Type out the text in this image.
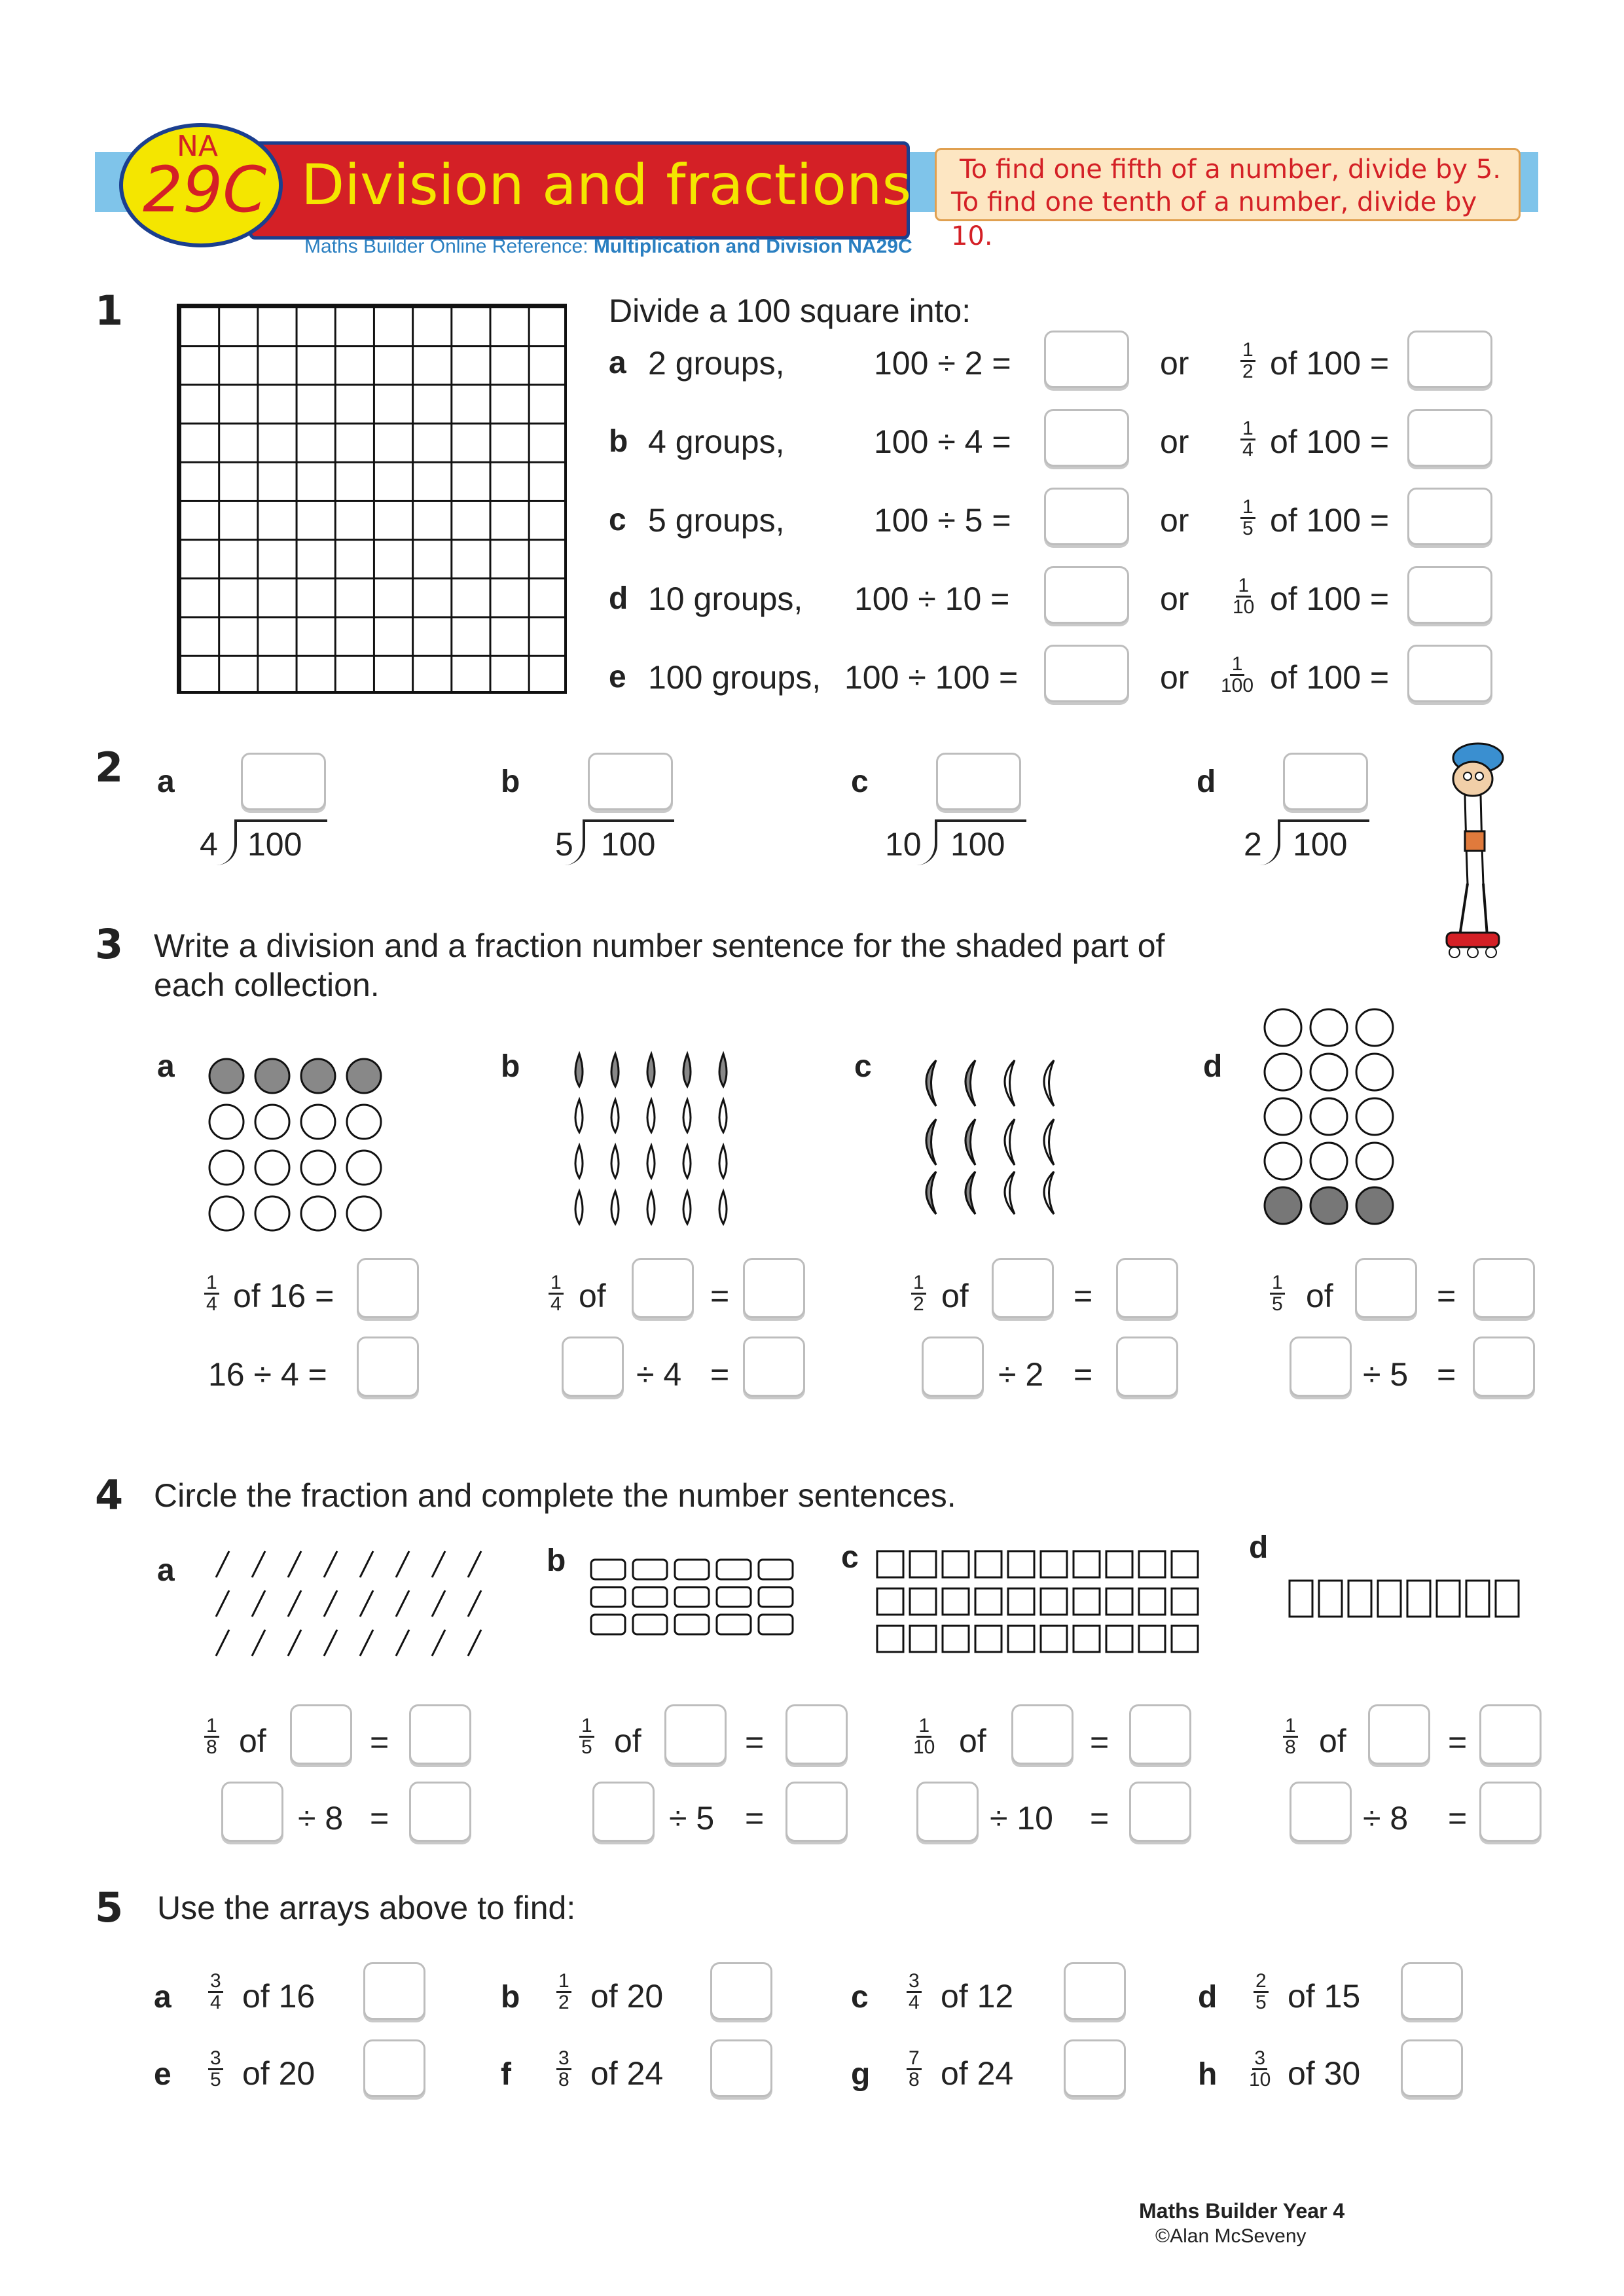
NA
29C Division and fractions To find one fifth of a number, divide by 5.
To find one tenth of a number, divide by 10.
Maths Builder Online Reference: Multiplication and Division NA29C
1	Divide a 100 square into:
a 2 groups,	100 ÷ 2 =	or	$\frac{1}{2}$ of 100 =
b 4 groups,	100 ÷ 4 =	or	$\frac{1}{4}$ of 100 =
c 5 groups,	100 ÷ 5 =	or	$\frac{1}{5}$ of 100 =
d 10 groups, 100 ÷ 10 =	or $\frac{1}{10}$ of 100 =
e 100 groups, 100 ÷ 100 =	or $\frac{1}{100}$ of 100 =
2 a
4 100
b
5 100
c
10 100
d
2 100
3 Write a division and a fraction number sentence for the shaded part of
each collection.
a	b	c	d
$\frac{1}{4}$ of 16 =
16 ÷ 4 =
$\frac{1}{4}$ of	=
÷ 4 =
$\frac{1}{2}$ of	=
÷ 2 =
$\frac{1}{5}$ of	=
÷ 5 =
4 Circle the fraction and complete the number sentences.
a	b	c	d
$\frac{1}{8}$ of	=
÷ 8 =
$\frac{1}{5}$ of	=
÷ 5 =
$\frac{1}{10}$ of	=
÷ 10 =
$\frac{1}{8}$ of	=
÷ 8 =
5 Use the arrays above to find:
a $\frac{3}{4}$ of 16	b $\frac{1}{2}$ of 20	c $\frac{3}{4}$ of 12	d $\frac{2}{5}$ of 15
e $\frac{3}{5}$ of 20	f $\frac{3}{8}$ of 24	g $\frac{7}{8}$ of 24	h $\frac{3}{10}$ of 30
Maths Builder Year 4
©Alan McSeveny
